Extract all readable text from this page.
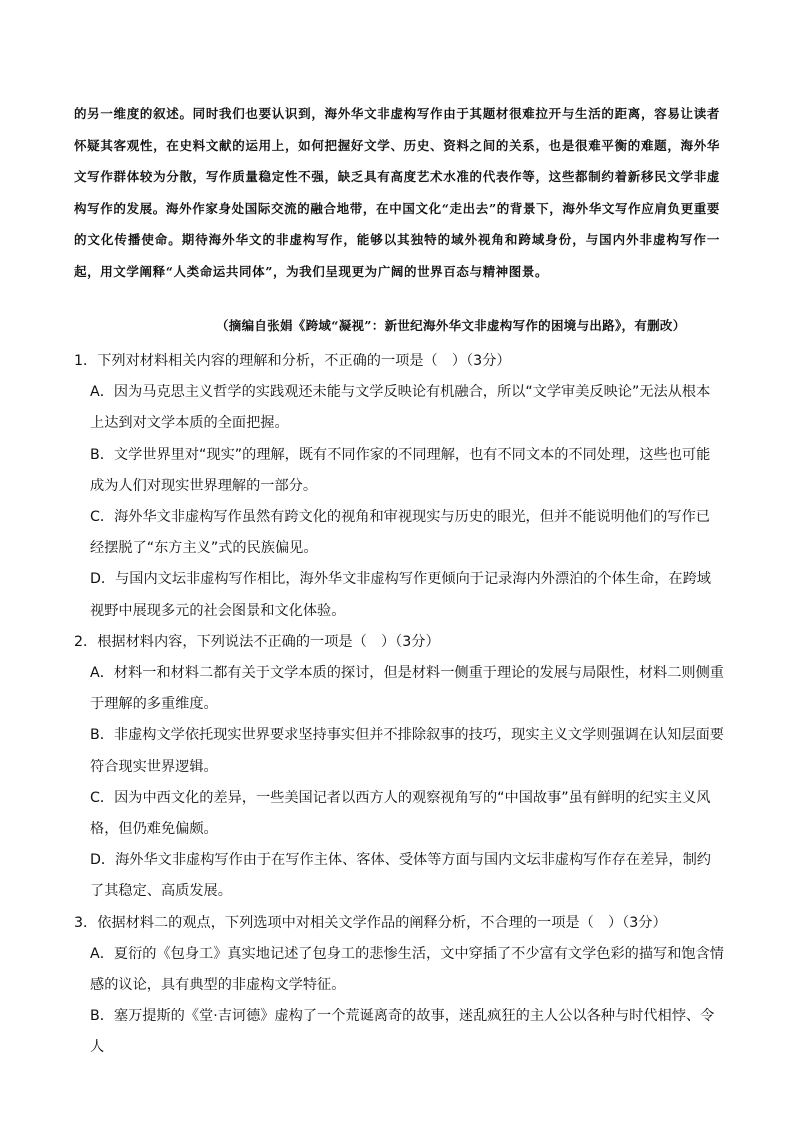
的另一维度的叙述。同时我们也要认识到，海外华文非虚构写作由于其题材很难拉开与生活的距离，容易让读者怀疑其客观性，在史料文献的运用上，如何把握好文学、历史、资料之间的关系，也是很难平衡的难题，海外华文写作群体较为分散，写作质量稳定性不强，缺乏具有高度艺术水准的代表作等，这些都制约着新移民文学非虚构写作的发展。海外作家身处国际交流的融合地带，在中国文化“走出去”的背景下，海外华文写作应肩负更重要的文化传播使命。期待海外华文的非虚构写作，能够以其独特的域外视角和跨域身份，与国内外非虚构写作一起，用文学阐释“人类命运共同体”，为我们呈现更为广阔的世界百态与精神图景。

（摘编自张娟《跨域“凝视”：新世纪海外华文非虚构写作的困境与出路》，有删改）

1．下列对材料相关内容的理解和分析，不正确的一项是（　）（3分）

A．因为马克思主义哲学的实践观还未能与文学反映论有机融合，所以“文学审美反映论”无法从根本上达到对文学本质的全面把握。

B．文学世界里对“现实”的理解，既有不同作家的不同理解，也有不同文本的不同处理，这些也可能成为人们对现实世界理解的一部分。

C．海外华文非虚构写作虽然有跨文化的视角和审视现实与历史的眼光，但并不能说明他们的写作已经摆脱了“东方主义”式的民族偏见。

D．与国内文坛非虚构写作相比，海外华文非虚构写作更倾向于记录海内外漂泊的个体生命，在跨域视野中展现多元的社会图景和文化体验。

2．根据材料内容，下列说法不正确的一项是（　）（3分）

A．材料一和材料二都有关于文学本质的探讨，但是材料一侧重于理论的发展与局限性，材料二则侧重于理解的多重维度。

B．非虚构文学依托现实世界要求坚持事实但并不排除叙事的技巧，现实主义文学则强调在认知层面要符合现实世界逻辑。

C．因为中西文化的差异，一些美国记者以西方人的观察视角写的“中国故事”虽有鲜明的纪实主义风格，但仍难免偏颇。

D．海外华文非虚构写作由于在写作主体、客体、受体等方面与国内文坛非虚构写作存在差异，制约了其稳定、高质发展。

3．依据材料二的观点，下列选项中对相关文学作品的阐释分析，不合理的一项是（　）（3分）

A．夏衍的《包身工》真实地记述了包身工的悲惨生活，文中穿插了不少富有文学色彩的描写和饱含情感的议论，具有典型的非虚构文学特征。

B．塞万提斯的《堂·吉诃德》虚构了一个荒诞离奇的故事，迷乱疯狂的主人公以各种与时代相悖、令人
